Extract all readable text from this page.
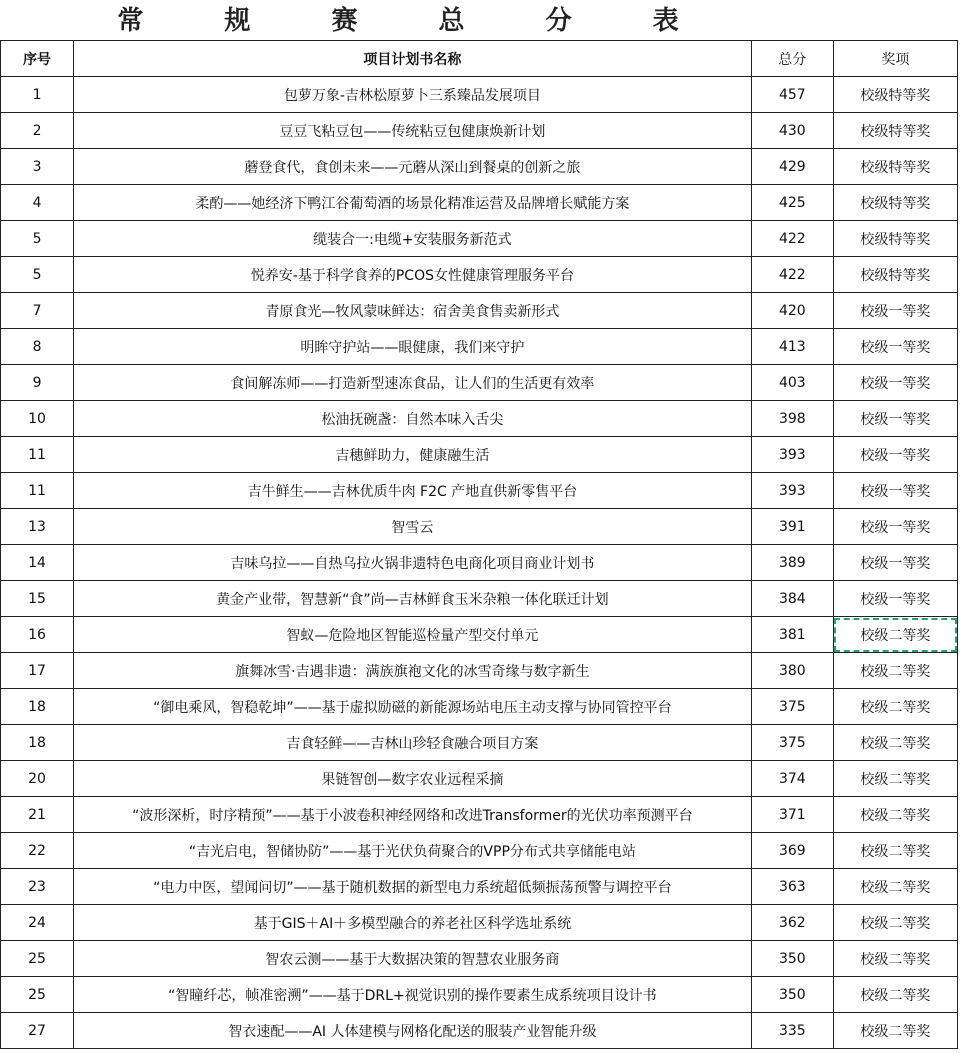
常 规 赛 总 分 表
序号	项目计划书名称	总分	奖项
1	包萝万象-吉林松原萝卜三系臻品发展项目	457	校级特等奖
2	豆豆飞粘豆包——传统粘豆包健康焕新计划	430	校级特等奖
3	蘑登食代，食创未来——元蘑从深山到餐桌的创新之旅	429	校级特等奖
4	柔酌——她经济下鸭江谷葡萄酒的场景化精准运营及品牌增长赋能方案	425	校级特等奖
5	缆装合一:电缆+安装服务新范式	422	校级特等奖
5	悦养安-基于科学食养的PCOS女性健康管理服务平台	422	校级特等奖
7	青原食光—牧风蒙味鲜达：宿舍美食售卖新形式	420	校级一等奖
8	明眸守护站——眼健康，我们来守护	413	校级一等奖
9	食间解冻师——打造新型速冻食品，让人们的生活更有效率	403	校级一等奖
10	松油抚碗盏：自然本味入舌尖	398	校级一等奖
11	吉穗鲜助力，健康融生活	393	校级一等奖
11	吉牛鲜生——吉林优质牛肉 F2C 产地直供新零售平台	393	校级一等奖
13	智雪云	391	校级一等奖
14	吉味乌拉——自热乌拉火锅非遗特色电商化项目商业计划书	389	校级一等奖
15	黄金产业带，智慧新“食”尚—吉林鲜食玉米杂粮一体化联迁计划	384	校级一等奖
16	智蚁—危险地区智能巡检量产型交付单元	381	校级二等奖
17	旗舞冰雪·吉遇非遗：满族旗袍文化的冰雪奇缘与数字新生	380	校级二等奖
18	“御电乘风，智稳乾坤”——基于虚拟励磁的新能源场站电压主动支撑与协同管控平台	375	校级二等奖
18	吉食轻鲜——吉林山珍轻食融合项目方案	375	校级二等奖
20	果链智创—数字农业远程采摘	374	校级二等奖
21	“波形深析，时序精预”——基于小波卷积神经网络和改进Transformer的光伏功率预测平台	371	校级二等奖
22	“吉光启电，智储协防”——基于光伏负荷聚合的VPP分布式共享储能电站	369	校级二等奖
23	“电力中医，望闻问切”——基于随机数据的新型电力系统超低频振荡预警与调控平台	363	校级二等奖
24	基于GIS＋AI＋多模型融合的养老社区科学选址系统	362	校级二等奖
25	智农云测——基于大数据决策的智慧农业服务商	350	校级二等奖
25	“智瞳纤芯，帧准密溯”——基于DRL+视觉识别的操作要素生成系统项目设计书	350	校级二等奖
27	智衣速配——AI 人体建模与网格化配送的服装产业智能升级	335	校级二等奖
